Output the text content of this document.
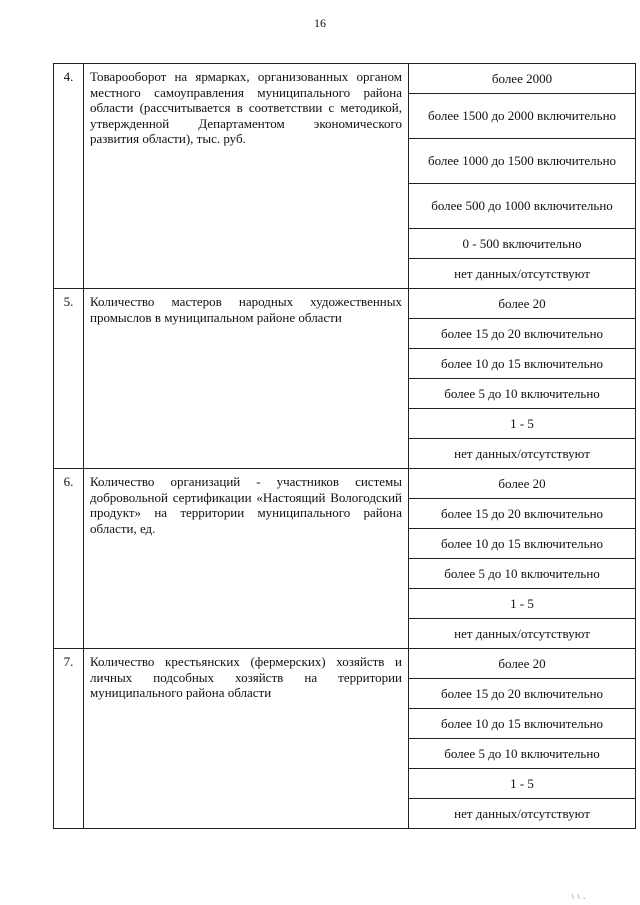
16
4.	Товарооборот на ярмарках, организованных органом местного самоуправления муниципального района области (рассчитывается в соответствии с методикой, утвержденной Департаментом экономического развития области), тыс. руб.	более 2000
		более 1500 до 2000 включительно
		более 1000 до 1500 включительно
		более 500 до 1000 включительно
		0 - 500 включительно
		нет данных/отсутствуют
5.	Количество мастеров народных художественных промыслов в муниципальном районе области	более 20
		более 15 до 20 включительно
		более 10 до 15 включительно
		более 5 до 10 включительно
		1 - 5
		нет данных/отсутствуют
6.	Количество организаций - участников системы добровольной сертификации «Настоящий Вологодский продукт» на территории муниципального района области, ед.	более 20
		более 15 до 20 включительно
		более 10 до 15 включительно
		более 5 до 10 включительно
		1 - 5
		нет данных/отсутствуют
7.	Количество крестьянских (фермерских) хозяйств и личных подсобных хозяйств на территории муниципального района области	более 20
		более 15 до 20 включительно
		более 10 до 15 включительно
		более 5 до 10 включительно
		1 - 5
		нет данных/отсутствуют
\ \ .
